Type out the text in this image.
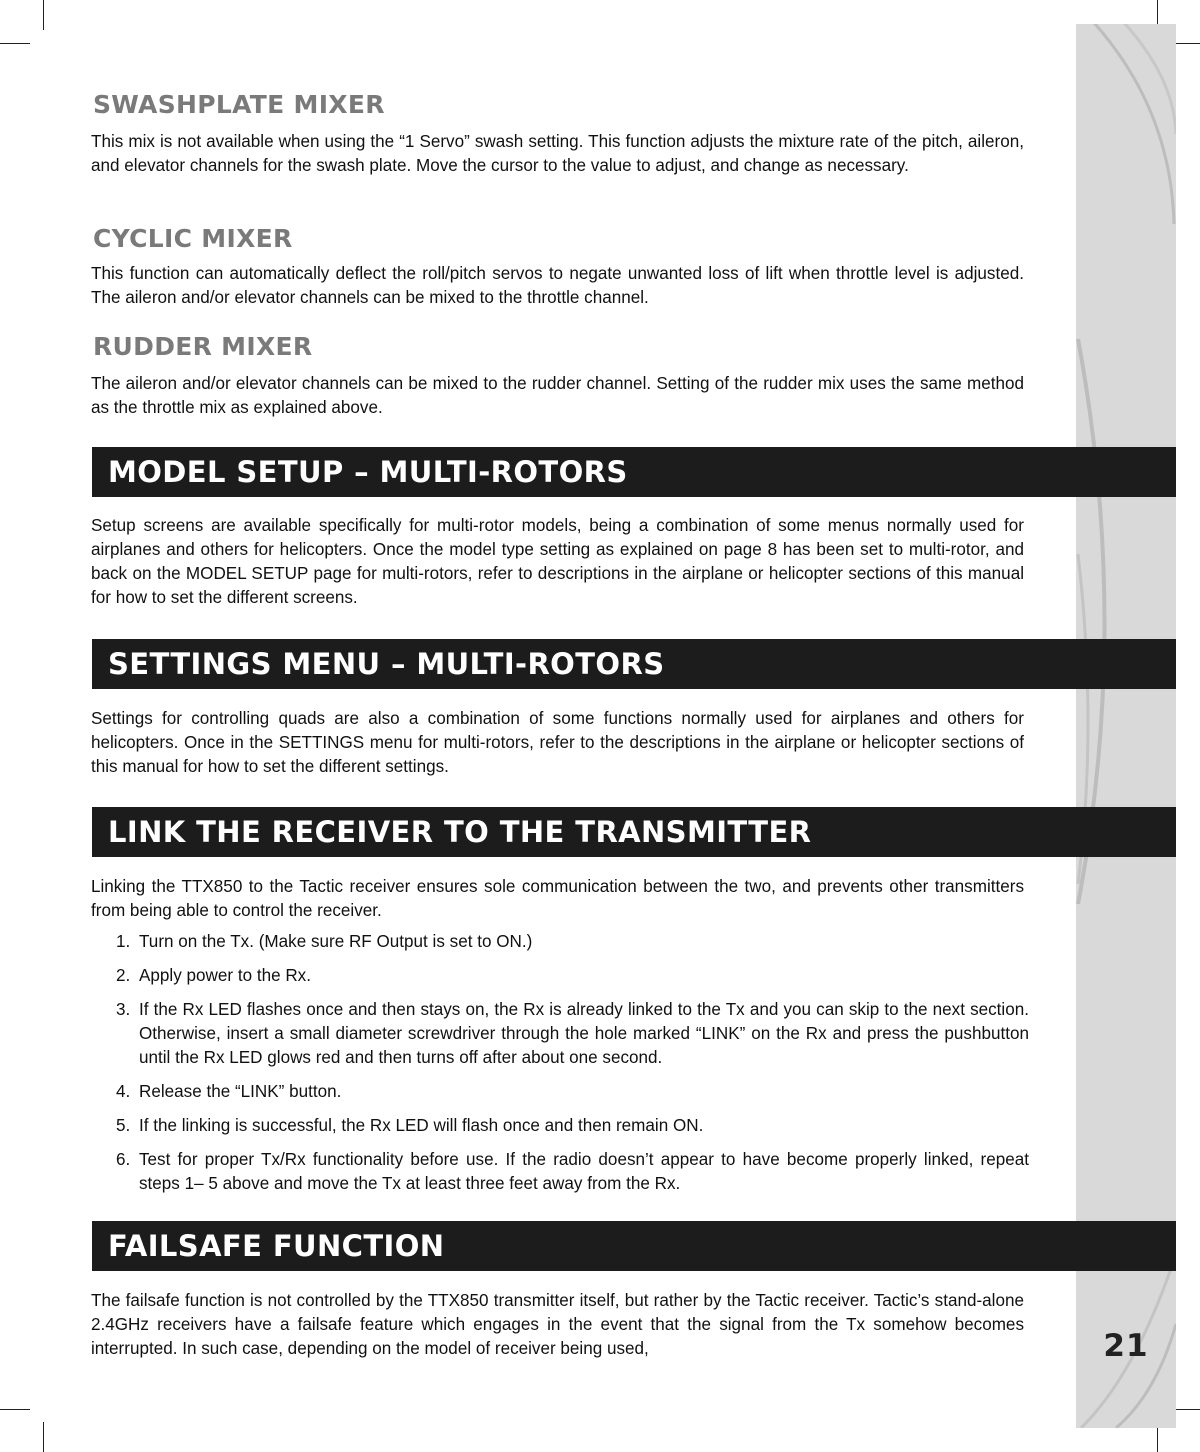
21
SWASHPLATE MIXER

This mix is not available when using the “1 Servo” swash setting. This function adjusts the mixture rate of the pitch, aileron, and elevator channels for the swash plate. Move the cursor to the value to adjust, and change as necessary.

CYCLIC MIXER

This function can automatically deflect the roll/pitch servos to negate unwanted loss of lift when throttle level is adjusted. The aileron and/or elevator channels can be mixed to the throttle channel.

RUDDER MIXER

The aileron and/or elevator channels can be mixed to the rudder channel. Setting of the rudder mix uses the same method as the throttle mix as explained above.

MODEL SETUP – MULTI-ROTORS

Setup screens are available specifically for multi-rotor models, being a combination of some menus normally used for airplanes and others for helicopters. Once the model type setting as explained on page 8 has been set to multi-rotor, and back on the MODEL SETUP page for multi-rotors, refer to descriptions in the airplane or helicopter sections of this manual for how to set the different screens.

SETTINGS MENU – MULTI-ROTORS

Settings for controlling quads are also a combination of some functions normally used for airplanes and others for helicopters. Once in the SETTINGS menu for multi-rotors, refer to the descriptions in the airplane or helicopter sections of this manual for how to set the different settings.

LINK THE RECEIVER TO THE TRANSMITTER

Linking the TTX850 to the Tactic receiver ensures sole communication between the two, and prevents other transmitters from being able to control the receiver.

1. Turn on the Tx. (Make sure RF Output is set to ON.)
2. Apply power to the Rx.
3. If the Rx LED flashes once and then stays on, the Rx is already linked to the Tx and you can skip to the next section. Otherwise, insert a small diameter screwdriver through the hole marked “LINK” on the Rx and press the pushbutton until the Rx LED glows red and then turns off after about one second.
4. Release the “LINK” button.
5. If the linking is successful, the Rx LED will flash once and then remain ON.
6. Test for proper Tx/Rx functionality before use. If the radio doesn’t appear to have become properly linked, repeat steps 1– 5 above and move the Tx at least three feet away from the Rx.
FAILSAFE FUNCTION

The failsafe function is not controlled by the TTX850 transmitter itself, but rather by the Tactic receiver. Tactic’s stand-alone 2.4GHz receivers have a failsafe feature which engages in the event that the signal from the Tx somehow becomes interrupted. In such case, depending on the model of receiver being used,
